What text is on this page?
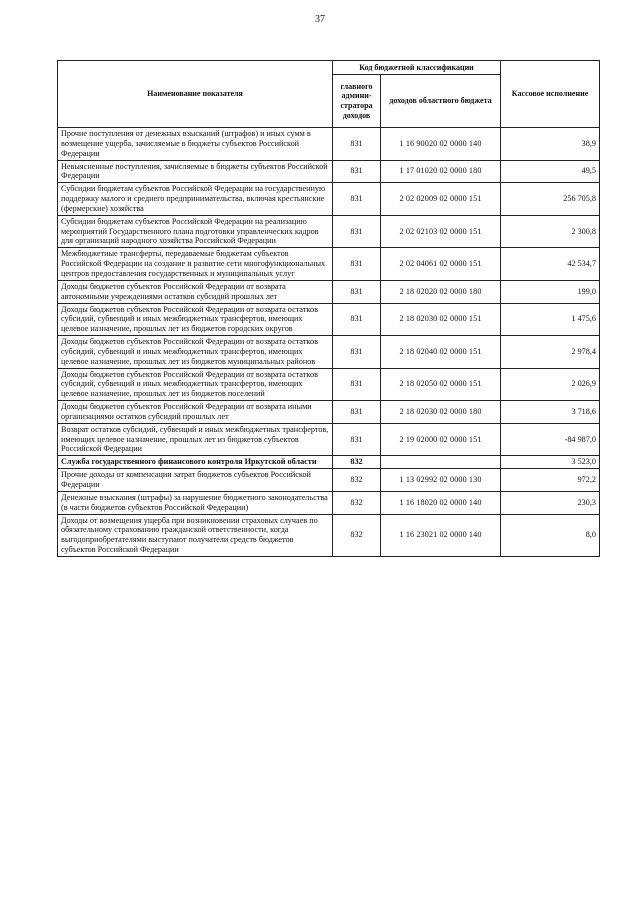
37
Наименование показателя	Код бюджетной классификации		Кассовое исполнение
	главного админи-стратора доходов	доходов областного бюджета	
Прочие поступления от денежных взысканий (штрафов) и иных сумм в возмещение ущерба, зачисляемые в бюджеты субъектов Российской Федерации	831	1 16 90020 02 0000 140	38,9
Невыясненные поступления, зачисляемые в бюджеты субъектов Российской Федерации	831	1 17 01020 02 0000 180	49,5
Субсидии бюджетам субъектов Российской Федерации на государственную поддержку малого и среднего предпринимательства, включая крестьянские (фермерские) хозяйства	831	2 02 02009 02 0000 151	256 705,8
Субсидии бюджетам субъектов Российской Федерации на реализацию мероприятий Государственного плана подготовки управленческих кадров для организаций народного хозяйства Российской Федерации	831	2 02 02103 02 0000 151	2 300,8
Межбюджетные трансферты, передаваемые бюджетам субъектов Российской Федерации на создание и развитие сети многофункциональных центров предоставления государственных и муниципальных услуг	831	2 02 04061 02 0000 151	42 534,7
Доходы бюджетов субъектов Российской Федерации от возврата автономными учреждениями остатков субсидий прошлых лет	831	2 18 02020 02 0000 180	199,0
Доходы бюджетов субъектов Российской Федерации от возврата остатков субсидий, субвенций и иных межбюджетных трансфертов, имеющих целевое назначение, прошлых лет из бюджетов городских округов	831	2 18 02030 02 0000 151	1 475,6
Доходы бюджетов субъектов Российской Федерации от возврата остатков субсидий, субвенций и иных межбюджетных трансфертов, имеющих целевое назначение, прошлых лет из бюджетов муниципальных районов	831	2 18 02040 02 0000 151	2 978,4
Доходы бюджетов субъектов Российской Федерации от возврата остатков субсидий, субвенций и иных межбюджетных трансфертов, имеющих целевое назначение, прошлых лет из бюджетов поселений	831	2 18 02050 02 0000 151	2 026,9
Доходы бюджетов субъектов Российской Федерации от возврата иными организациями остатков субсидий прошлых лет	831	2 18 02030 02 0000 180	3 718,6
Возврат остатков субсидий, субвенций и иных межбюджетных трансфертов, имеющих целевое назначение, прошлых лет из бюджетов субъектов Российской Федерации	831	2 19 02000 02 0000 151	-84 987,0
Служба государственного финансового контроля Иркутской области	832		3 523,0
Прочие доходы от компенсации затрат бюджетов субъектов Российской Федерации	832	1 13 02992 02 0000 130	972,2
Денежные взыскания (штрафы) за нарушение бюджетного законодательства (в части бюджетов субъектов Российской Федерации)	832	1 16 18020 02 0000 140	230,3
Доходы от возмещения ущерба при возникновении страховых случаев по обязательному страхованию гражданской ответственности, когда выгодоприобретателями выступают получатели средств бюджетов субъектов Российской Федерации	832	1 16 23021 02 0000 140	8,0
